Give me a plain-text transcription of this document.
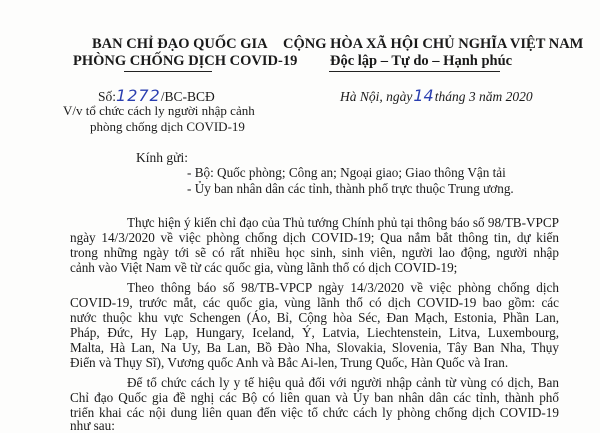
BAN CHỈ ĐẠO QUỐC GIA
PHÒNG CHỐNG DỊCH COVID-19
CỘNG HÒA XÃ HỘI CHỦ NGHĨA VIỆT NAM
Độc lập – Tự do – Hạnh phúc
Số:1272/BC-BCĐ
V/v tổ chức cách ly người nhập cảnh
phòng chống dịch COVID-19
Hà Nội, ngày14tháng 3 năm 2020
Kính gửi:
- Bộ: Quốc phòng; Công an; Ngoại giao; Giao thông Vận tải
- Ủy ban nhân dân các tỉnh, thành phố trực thuộc Trung ương.
Thực hiện ý kiến chỉ đạo của Thủ tướng Chính phủ tại thông báo số 98/TB-VPCP
ngày 14/3/2020 về việc phòng chống dịch COVID-19; Qua nắm bắt thông tin, dự kiến
trong những ngày tới sẽ có rất nhiều học sinh, sinh viên, người lao động, người nhập
cảnh vào Việt Nam về từ các quốc gia, vùng lãnh thổ có dịch COVID-19;
Theo thông báo số 98/TB-VPCP ngày 14/3/2020 về việc phòng chống dịch
COVID-19, trước mắt, các quốc gia, vùng lãnh thổ có dịch COVID-19 bao gồm: các
nước thuộc khu vực Schengen (Áo, Bỉ, Cộng hòa Séc, Đan Mạch, Estonia, Phần Lan,
Pháp, Đức, Hy Lạp, Hungary, Iceland, Ý, Latvia, Liechtenstein, Litva, Luxembourg,
Malta, Hà Lan, Na Uy, Ba Lan, Bồ Đào Nha, Slovakia, Slovenia, Tây Ban Nha, Thụy
Điển và Thụy Sĩ), Vương quốc Anh và Bắc Ai-len, Trung Quốc, Hàn Quốc và Iran.
Để tổ chức cách ly y tế hiệu quả đối với người nhập cảnh từ vùng có dịch, Ban
Chỉ đạo Quốc gia đề nghị các Bộ có liên quan và Ủy ban nhân dân các tỉnh, thành phố
triển khai các nội dung liên quan đến việc tổ chức cách ly phòng chống dịch COVID-19
như sau:
